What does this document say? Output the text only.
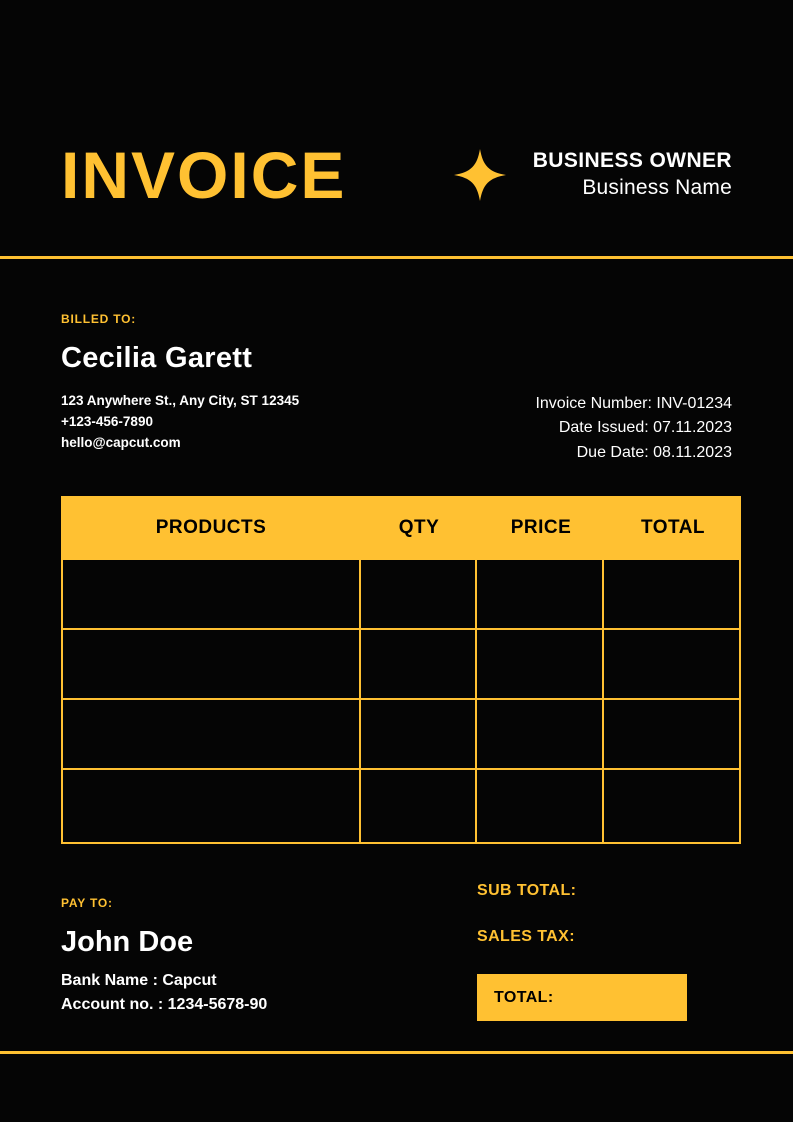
INVOICE	BUSINESS OWNER
Business Name
BILLED TO:
Cecilia Garett
123 Anywhere St., Any City, ST 12345
+123-456-7890
hello@capcut.com
Invoice Number: INV-01234
Date Issued: 07.11.2023
Due Date: 08.11.2023
PRODUCTS	QTY	PRICE	TOTAL
PAY TO:
John Doe
Bank Name : Capcut
Account no. : 1234-5678-90
SUB TOTAL:
SALES TAX:
TOTAL:
